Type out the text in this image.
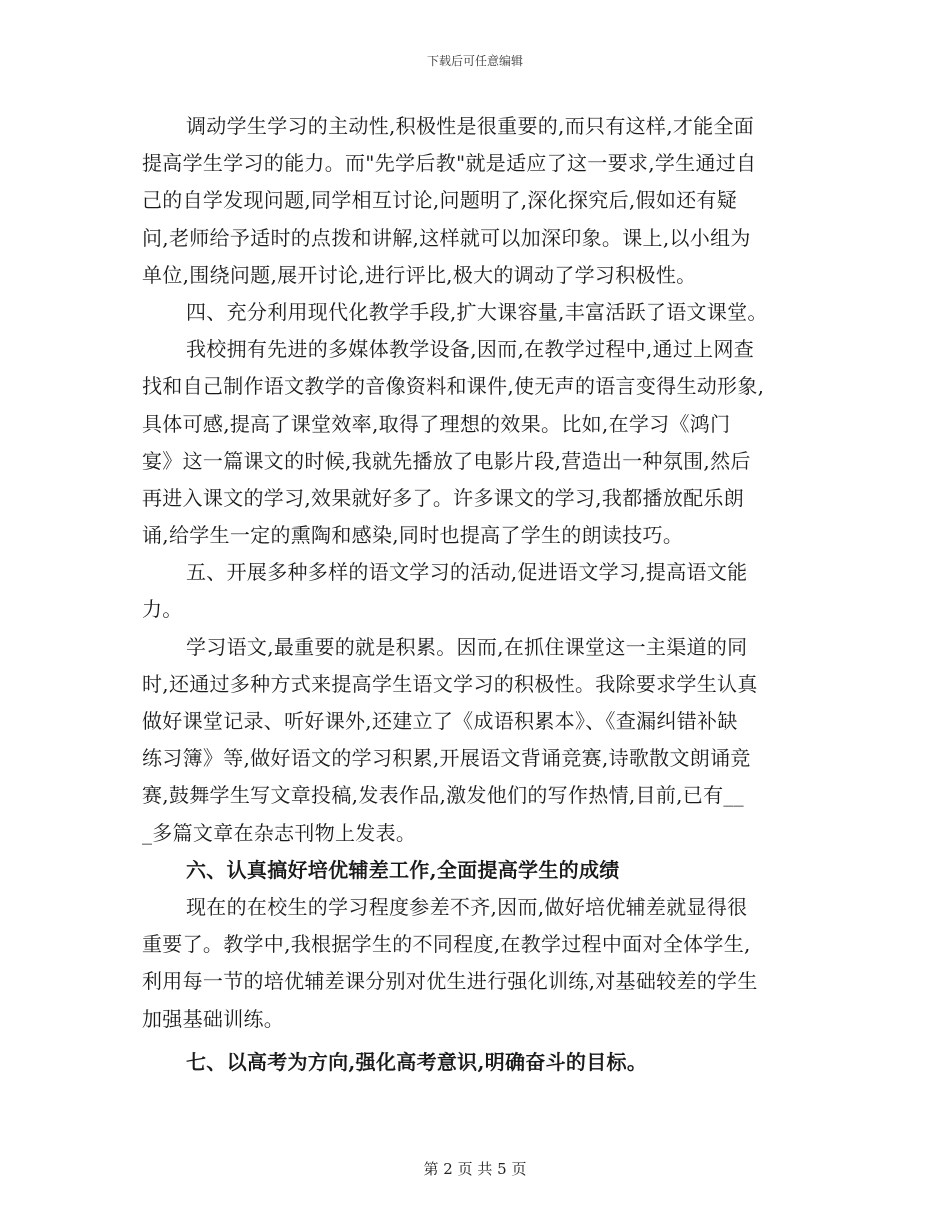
下载后可任意编辑

调动学生学习的主动性,积极性是很重要的,而只有这样,才能全面
提高学生学习的能力。而"先学后教"就是适应了这一要求,学生通过自
己的自学发现问题,同学相互讨论,问题明了,深化探究后,假如还有疑
问,老师给予适时的点拨和讲解,这样就可以加深印象。课上,以小组为
单位,围绕问题,展开讨论,进行评比,极大的调动了学习积极性。

四、充分利用现代化教学手段,扩大课容量,丰富活跃了语文课堂。

我校拥有先进的多媒体教学设备,因而,在教学过程中,通过上网查
找和自己制作语文教学的音像资料和课件,使无声的语言变得生动形象,
具体可感,提高了课堂效率,取得了理想的效果。比如,在学习《鸿门
宴》这一篇课文的时候,我就先播放了电影片段,营造出一种氛围,然后
再进入课文的学习,效果就好多了。许多课文的学习,我都播放配乐朗
诵,给学生一定的熏陶和感染,同时也提高了学生的朗读技巧。

五、开展多种多样的语文学习的活动,促进语文学习,提高语文能
力。

学习语文,最重要的就是积累。因而,在抓住课堂这一主渠道的同
时,还通过多种方式来提高学生语文学习的积极性。我除要求学生认真
做好课堂记录、听好课外,还建立了《成语积累本》、《查漏纠错补缺
练习簿》等,做好语文的学习积累,开展语文背诵竞赛,诗歌散文朗诵竞
赛,鼓舞学生写文章投稿,发表作品,激发他们的写作热情,目前,已有__
_多篇文章在杂志刊物上发表。

六、认真搞好培优辅差工作,全面提高学生的成绩

现在的在校生的学习程度参差不齐,因而,做好培优辅差就显得很
重要了。教学中,我根据学生的不同程度,在教学过程中面对全体学生,
利用每一节的培优辅差课分别对优生进行强化训练,对基础较差的学生
加强基础训练。

七、以高考为方向,强化高考意识,明确奋斗的目标。

第 2 页 共 5 页
